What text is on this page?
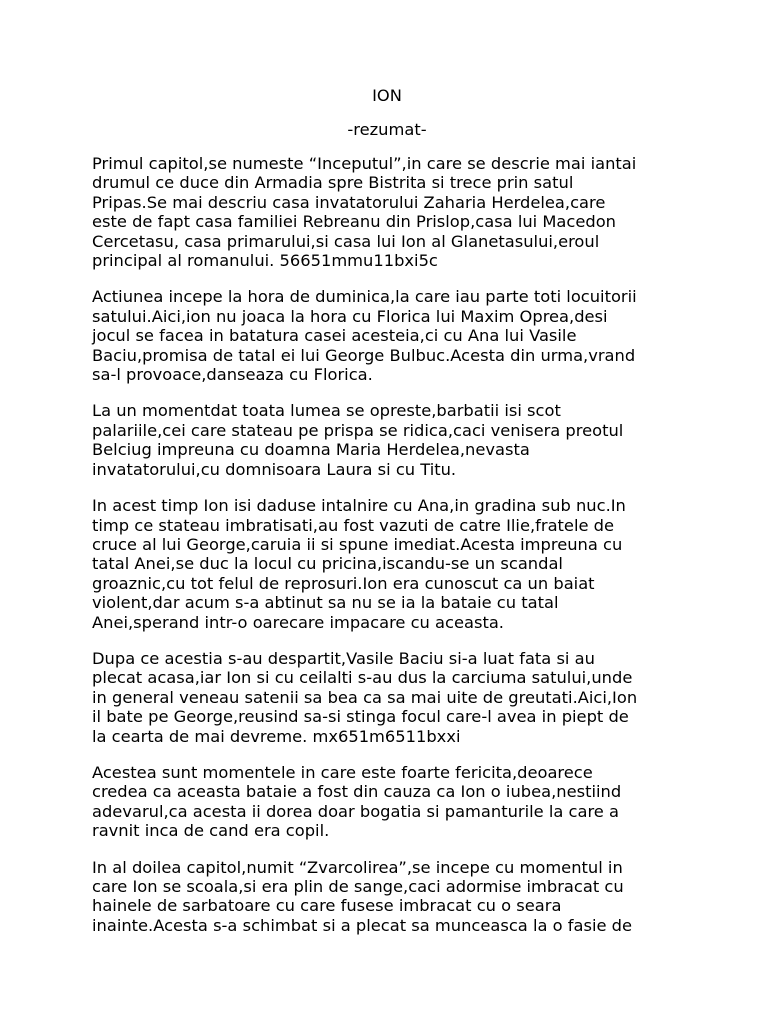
ION
-rezumat-
Primul capitol,se numeste “Inceputul”,in care se descrie mai iantai
drumul ce duce din Armadia spre Bistrita si trece prin satul
Pripas.Se mai descriu casa invatatorului Zaharia Herdelea,care
este de fapt casa familiei Rebreanu din Prislop,casa lui Macedon
Cercetasu, casa primarului,si casa lui Ion al Glanetasului,eroul
principal al romanului. 56651mmu11bxi5c
Actiunea incepe la hora de duminica,la care iau parte toti locuitorii
satului.Aici,ion nu joaca la hora cu Florica lui Maxim Oprea,desi
jocul se facea in batatura casei acesteia,ci cu Ana lui Vasile
Baciu,promisa de tatal ei lui George Bulbuc.Acesta din urma,vrand
sa-l provoace,danseaza cu Florica.
La un momentdat toata lumea se opreste,barbatii isi scot
palariile,cei care stateau pe prispa se ridica,caci venisera preotul
Belciug impreuna cu doamna Maria Herdelea,nevasta
invatatorului,cu domnisoara Laura si cu Titu.
In acest timp Ion isi daduse intalnire cu Ana,in gradina sub nuc.In
timp ce stateau imbratisati,au fost vazuti de catre Ilie,fratele de
cruce al lui George,caruia ii si spune imediat.Acesta impreuna cu
tatal Anei,se duc la locul cu pricina,iscandu-se un scandal
groaznic,cu tot felul de reprosuri.Ion era cunoscut ca un baiat
violent,dar acum s-a abtinut sa nu se ia la bataie cu tatal
Anei,sperand intr-o oarecare impacare cu aceasta.
Dupa ce acestia s-au despartit,Vasile Baciu si-a luat fata si au
plecat acasa,iar Ion si cu ceilalti s-au dus la carciuma satului,unde
in general veneau satenii sa bea ca sa mai uite de greutati.Aici,Ion
il bate pe George,reusind sa-si stinga focul care-l avea in piept de
la cearta de mai devreme. mx651m6511bxxi
Acestea sunt momentele in care este foarte fericita,deoarece
credea ca aceasta bataie a fost din cauza ca Ion o iubea,nestiind
adevarul,ca acesta ii dorea doar bogatia si pamanturile la care a
ravnit inca de cand era copil.
In al doilea capitol,numit “Zvarcolirea”,se incepe cu momentul in
care Ion se scoala,si era plin de sange,caci adormise imbracat cu
hainele de sarbatoare cu care fusese imbracat cu o seara
inainte.Acesta s-a schimbat si a plecat sa munceasca la o fasie de
